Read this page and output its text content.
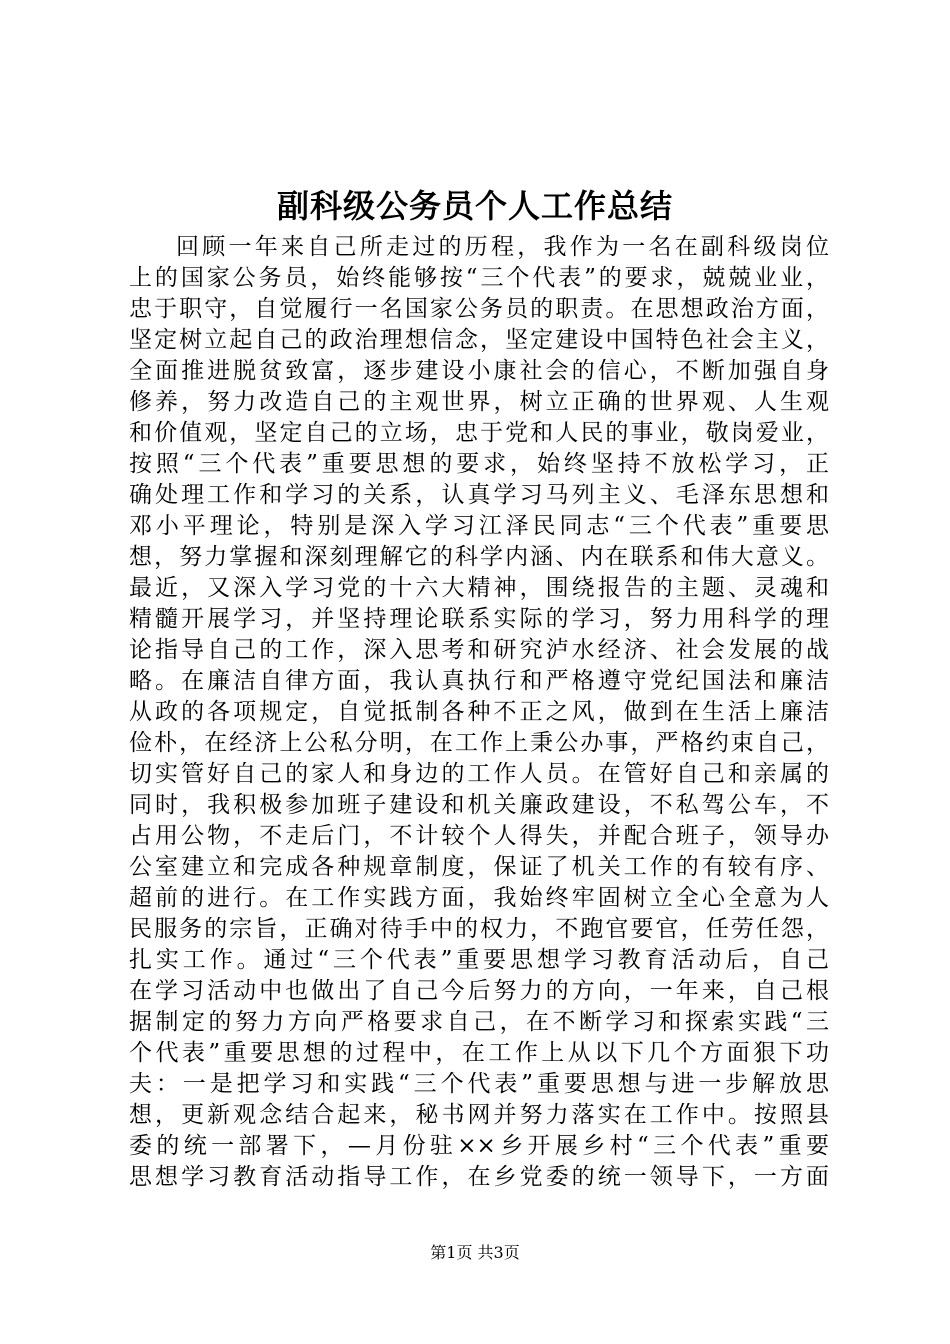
副科级公务员个人工作总结
回顾一年来自己所走过的历程，我作为一名在副科级岗位
上的国家公务员，始终能够按“三个代表”的要求，兢兢业业，
忠于职守，自觉履行一名国家公务员的职责。在思想政治方面，
坚定树立起自己的政治理想信念，坚定建设中国特色社会主义，
全面推进脱贫致富，逐步建设小康社会的信心，不断加强自身
修养，努力改造自己的主观世界，树立正确的世界观、人生观
和价值观，坚定自己的立场，忠于党和人民的事业，敬岗爱业，
按照“三个代表”重要思想的要求，始终坚持不放松学习，正
确处理工作和学习的关系，认真学习马列主义、毛泽东思想和
邓小平理论，特别是深入学习江泽民同志“三个代表”重要思
想，努力掌握和深刻理解它的科学内涵、内在联系和伟大意义。
最近，又深入学习党的十六大精神，围绕报告的主题、灵魂和
精髓开展学习，并坚持理论联系实际的学习，努力用科学的理
论指导自己的工作，深入思考和研究泸水经济、社会发展的战
略。在廉洁自律方面，我认真执行和严格遵守党纪国法和廉洁
从政的各项规定，自觉抵制各种不正之风，做到在生活上廉洁
俭朴，在经济上公私分明，在工作上秉公办事，严格约束自己，
切实管好自己的家人和身边的工作人员。在管好自己和亲属的
同时，我积极参加班子建设和机关廉政建设，不私驾公车，不
占用公物，不走后门，不计较个人得失，并配合班子，领导办
公室建立和完成各种规章制度，保证了机关工作的有较有序、
超前的进行。在工作实践方面，我始终牢固树立全心全意为人
民服务的宗旨，正确对待手中的权力，不跑官要官，任劳任怨，
扎实工作。通过“三个代表”重要思想学习教育活动后，自己
在学习活动中也做出了自己今后努力的方向，一年来，自己根
据制定的努力方向严格要求自己，在不断学习和探索实践“三
个代表”重要思想的过程中，在工作上从以下几个方面狠下功
夫：一是把学习和实践“三个代表”重要思想与进一步解放思
想，更新观念结合起来，秘书网并努力落实在工作中。按照县
委的统一部署下，—月份驻××乡开展乡村“三个代表”重要
思想学习教育活动指导工作，在乡党委的统一领导下，一方面
第1页 共3页
